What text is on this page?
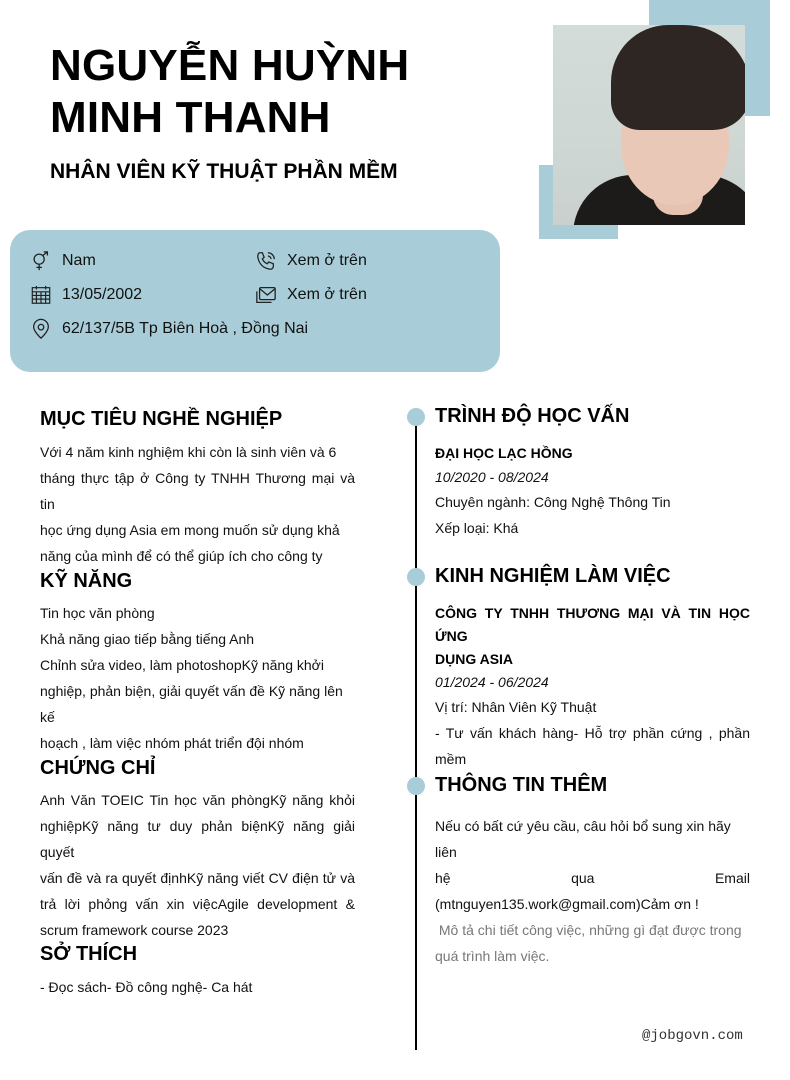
NGUYỄN HUỲNH
MINH THANH
NHÂN VIÊN KỸ THUẬT PHẦN MỀM
Nam	Xem ở trên
13/05/2002	Xem ở trên
62/137/5B Tp Biên Hoà , Đồng Nai
MỤC TIÊU NGHỀ NGHIỆP
Với 4 năm kinh nghiệm khi còn là sinh viên và 6
tháng thực tập ở Công ty TNHH Thương mại và tin
học ứng dụng Asia em mong muốn sử dụng khả
năng của mình để có thể giúp ích cho công ty
KỸ NĂNG
Tin học văn phòng
Khả năng giao tiếp bằng tiếng Anh
Chỉnh sửa video, làm photoshopKỹ năng khởi
nghiệp, phản biện, giải quyết vấn đề Kỹ năng lên kế
hoạch , làm việc nhóm phát triển đội nhóm
CHỨNG CHỈ
Anh Văn TOEIC Tin học văn phòngKỹ năng khỏi
nghiệpKỹ năng tư duy phản biệnKỹ năng giải quyết
vấn đề và ra quyết địnhKỹ năng viết CV điện tử và
trả lời phỏng vấn xin việcAgile development &
scrum framework course 2023
SỞ THÍCH
- Đọc sách- Đồ công nghệ- Ca hát
TRÌNH ĐỘ HỌC VẤN
ĐẠI HỌC LẠC HỒNG
10/2020 - 08/2024
Chuyên ngành: Công Nghệ Thông Tin
Xếp loại: Khá
KINH NGHIỆM LÀM VIỆC
CÔNG TY TNHH THƯƠNG MẠI VÀ TIN HỌC ỨNG
DỤNG ASIA
01/2024 - 06/2024
Vị trí: Nhân Viên Kỹ Thuật
- Tư vấn khách hàng- Hỗ trợ phần cứng , phần
mềm
THÔNG TIN THÊM
Nếu có bất cứ yêu cầu, câu hỏi bổ sung xin hãy liên
hệ	qua	Email
(mtnguyen135.work@gmail.com)Cảm ơn !
Mô tả chi tiết công việc, những gì đạt được trong
quá trình làm việc.
@jobgovn.com
